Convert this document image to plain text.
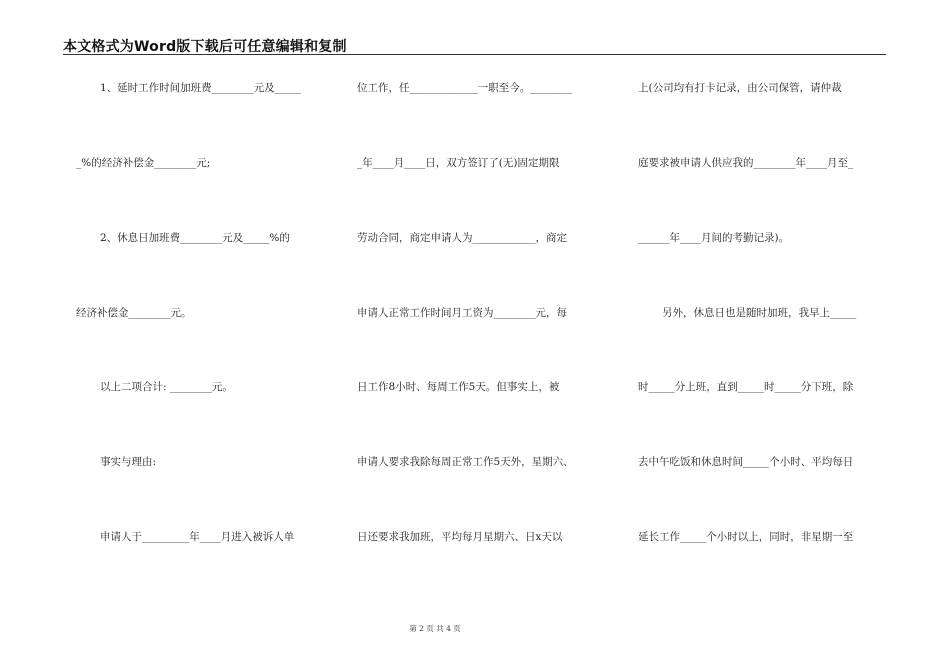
本文格式为Word版下载后可任意编辑和复制
1、延时工作时间加班费________元及_____
_%的经济补偿金________元;
2、休息日加班费________元及_____%的
经济补偿金________元。
以上二项合计: ________元。
事实与理由:
申请人于_________年____月进入被诉人单
位工作，任_____________一职至今。________
_年____月____日，双方签订了(无)固定期限
劳动合同，商定申请人为____________，商定
申请人正常工作时间月工资为________元，每
日工作8小时、每周工作5天。但事实上，被
申请人要求我除每周正常工作5天外，星期六、
日还要求我加班，平均每月星期六、日x天以
上(公司均有打卡记录，由公司保管，请仲裁
庭要求被申请人供应我的________年____月至_
______年____月间的考勤记录)。
另外，休息日也是随时加班，我早上_____
时_____分上班，直到_____时_____分下班，除
去中午吃饭和休息时间_____个小时、平均每日
延长工作_____个小时以上，同时，非星期一至
第 2 页 共 4 页
